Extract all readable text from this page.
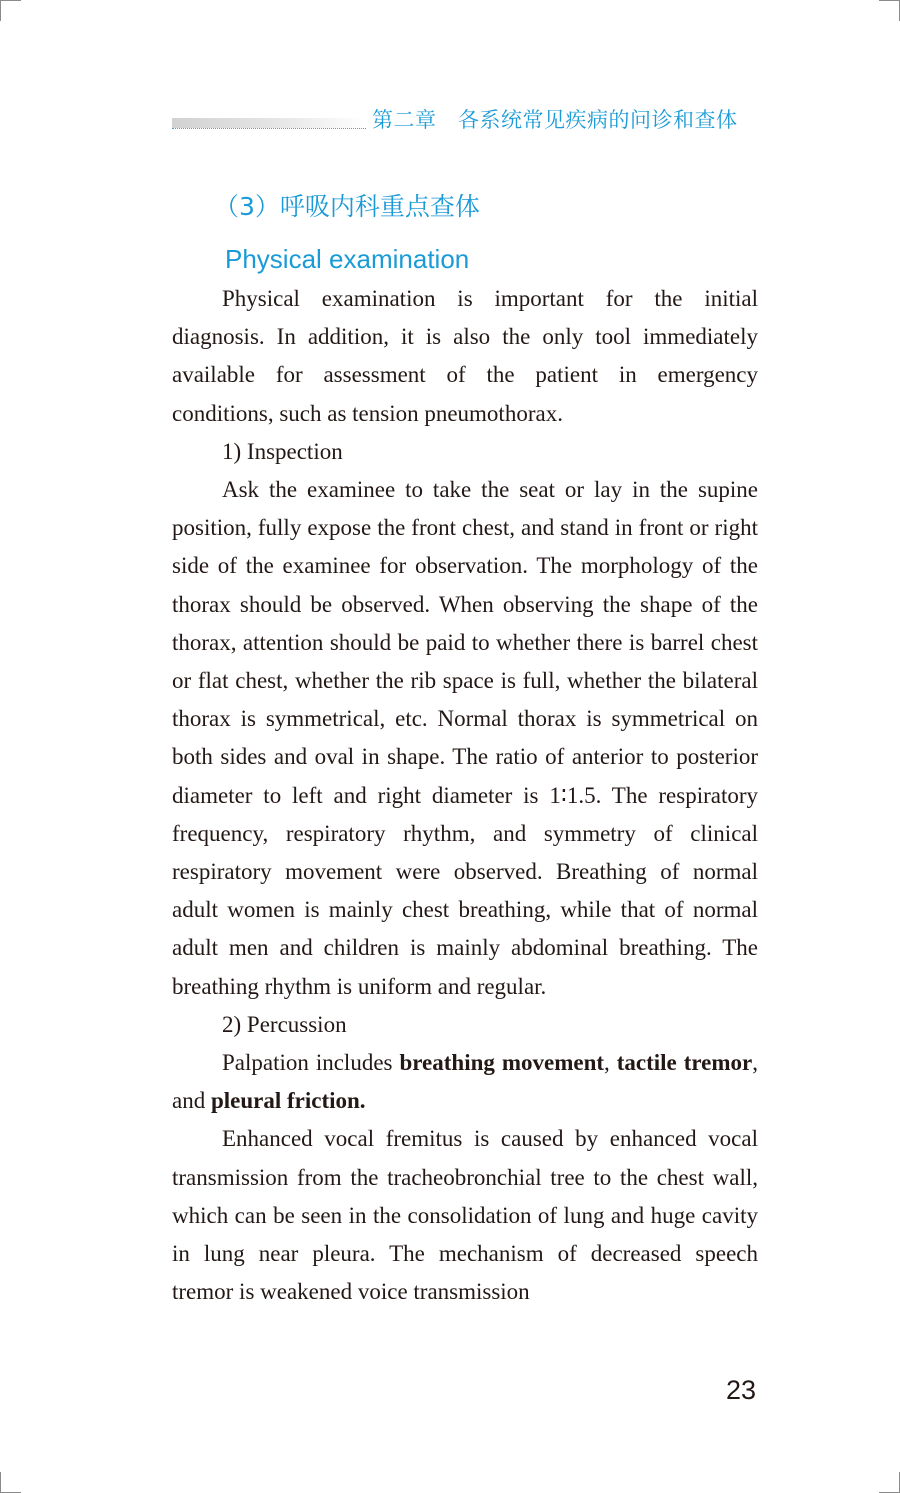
第二章 各系统常见疾病的问诊和查体
（3）呼吸内科重点查体
Physical examination

Physical examination is important for the initial diagnosis. In addition, it is also the only tool immediately available for assessment of the patient in emergency conditions, such as tension pneumothorax.

1) Inspection

Ask the examinee to take the seat or lay in the supine position, fully expose the front chest, and stand in front or right side of the examinee for observation. The morphology of the thorax should be observed. When observing the shape of the thorax, attention should be paid to whether there is barrel chest or flat chest, whether the rib space is full, whether the bilateral thorax is symmetrical, etc. Normal thorax is symmetrical on both sides and oval in shape. The ratio of anterior to posterior diameter to left and right diameter is 1∶1.5. The respiratory frequency, respiratory rhythm, and symmetry of clinical respiratory movement were observed. Breathing of normal adult women is mainly chest breathing, while that of normal adult men and children is mainly abdominal breathing. The breathing rhythm is uniform and regular.

2) Percussion

Palpation includes breathing movement, tactile tremor, and pleural friction.

Enhanced vocal fremitus is caused by enhanced vocal transmission from the tracheobronchial tree to the chest wall, which can be seen in the consolidation of lung and huge cavity in lung near pleura. The mechanism of decreased speech tremor is weakened voice transmission

23
